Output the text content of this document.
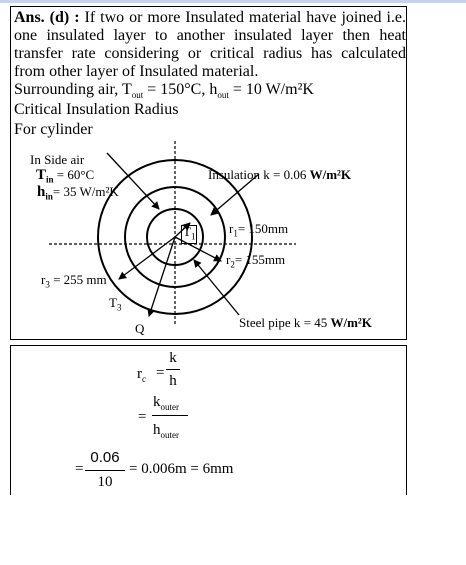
Ans. (d) : If two or more Insulated material have joined i.e. one insulated layer to another insulated layer then heat transfer rate considering or critical radius has calculated from other layer of Insulated material.
Surrounding air, $T_{out} = 150^\circ C$, $h_{out} = 10$ W/m²K
Critical Insulation Radius
For cylinder
In Side air
$T_{in} = 60^\circ C$
$h_{in}= 35$ W/m²K
Insulation k = 0.06 W/m²K
$r_1= 150mm$
$r_2= 155mm$
$r_3 = 255$ mm
$T_1$
$T_3$
Q	Steel pipe k = 45 W/m²K
$r_c$ =
k
h
=
$k_{outer}$
$h_{outer}$
=
0.06
10
= 0.006m = 6mm
